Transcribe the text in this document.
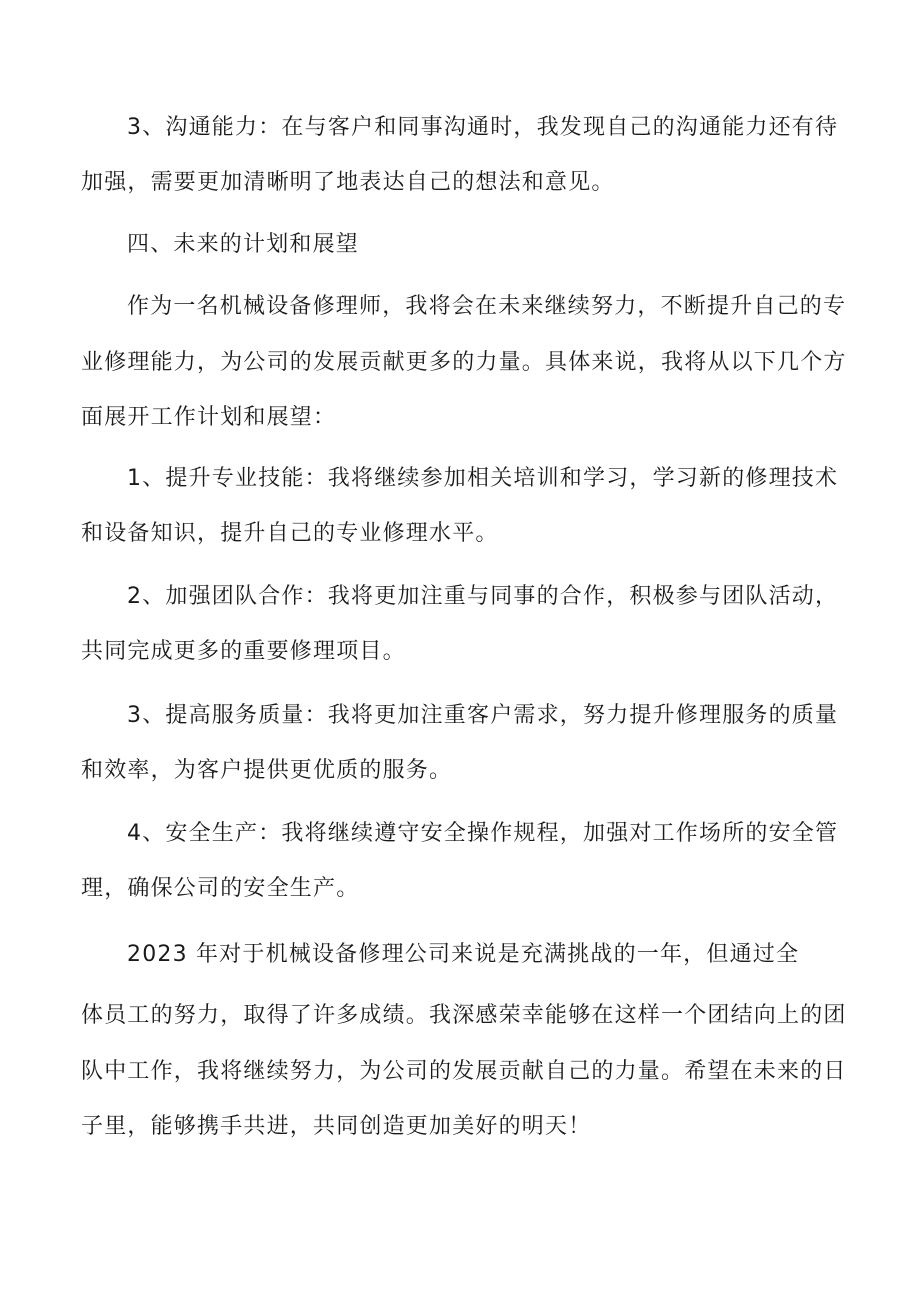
3、沟通能力：在与客户和同事沟通时，我发现自己的沟通能力还有待
加强，需要更加清晰明了地表达自己的想法和意见。
四、未来的计划和展望
作为一名机械设备修理师，我将会在未来继续努力，不断提升自己的专
业修理能力，为公司的发展贡献更多的力量。具体来说，我将从以下几个方
面展开工作计划和展望：
1、提升专业技能：我将继续参加相关培训和学习，学习新的修理技术
和设备知识，提升自己的专业修理水平。
2、加强团队合作：我将更加注重与同事的合作，积极参与团队活动，
共同完成更多的重要修理项目。
3、提高服务质量：我将更加注重客户需求，努力提升修理服务的质量
和效率，为客户提供更优质的服务。
4、安全生产：我将继续遵守安全操作规程，加强对工作场所的安全管
理，确保公司的安全生产。
2023 年对于机械设备修理公司来说是充满挑战的一年，但通过全
体员工的努力，取得了许多成绩。我深感荣幸能够在这样一个团结向上的团
队中工作，我将继续努力，为公司的发展贡献自己的力量。希望在未来的日
子里，能够携手共进，共同创造更加美好的明天！
